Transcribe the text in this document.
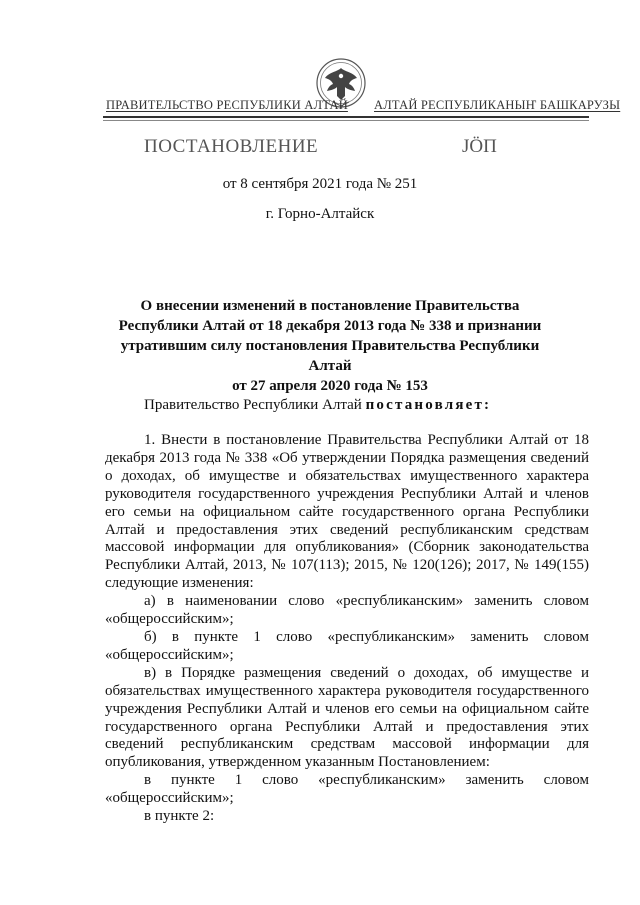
ПРАВИТЕЛЬСТВО РЕСПУБЛИКИ АЛТАЙ АЛТАЙ РЕСПУБЛИКАНЫҤ БАШКАРУЗЫ
ПОСТАНОВЛЕНИЕ	ЈӦП
от 8 сентября 2021 года № 251
г. Горно-Алтайск
О внесении изменений в постановление Правительства
Республики Алтай от 18 декабря 2013 года № 338 и признании
утратившим силу постановления Правительства Республики Алтай
от 27 апреля 2020 года № 153
Правительство Республики Алтай постановляет:

1. Внести в постановление Правительства Республики Алтай от 18 декабря 2013 года № 338 «Об утверждении Порядка размещения сведений о доходах, об имуществе и обязательствах имущественного характера руководителя государственного учреждения Республики Алтай и членов его семьи на официальном сайте государственного органа Республики Алтай и предоставления этих сведений республиканским средствам массовой информации для опубликования» (Сборник законодательства Республики Алтай, 2013, № 107(113); 2015, № 120(126); 2017, № 149(155) следующие изменения:

а) в наименовании слово «республиканским» заменить словом «общероссийским»;

б) в пункте 1 слово «республиканским» заменить словом «общероссийским»;

в) в Порядке размещения сведений о доходах, об имуществе и обязательствах имущественного характера руководителя государственного учреждения Республики Алтай и членов его семьи на официальном сайте государственного органа Республики Алтай и предоставления этих сведений республиканским средствам массовой информации для опубликования, утвержденном указанным Постановлением:

в пункте 1 слово «республиканским» заменить словом «общероссийским»;

в пункте 2:
